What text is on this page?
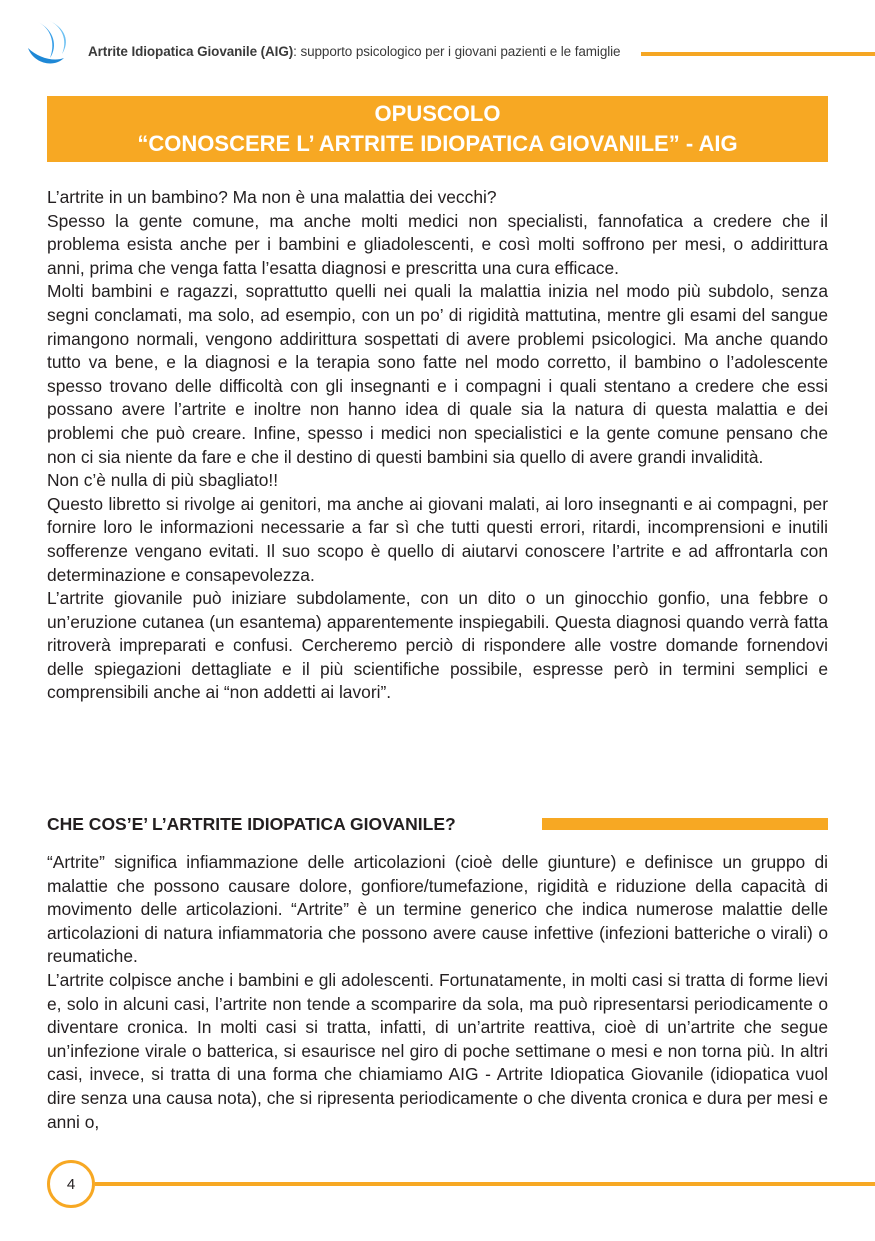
Artrite Idiopatica Giovanile (AIG): supporto psicologico per i giovani pazienti e le famiglie
OPUSCOLO
“CONOSCERE L’ ARTRITE IDIOPATICA GIOVANILE” - AIG

L’artrite in un bambino? Ma non è una malattia dei vecchi?

Spesso la gente comune, ma anche molti medici non specialisti, fannofatica a credere che il problema esista anche per i bambini e gliadolescenti, e così molti soffrono per mesi, o addirittura anni, prima che venga fatta l’esatta diagnosi e prescritta una cura efficace.

Molti bambini e ragazzi, soprattutto quelli nei quali la malattia inizia nel modo più subdolo, senza segni conclamati, ma solo, ad esempio, con un po’ di rigidità mattutina, mentre gli esami del sangue rimangono normali, vengono addirittura sospettati di avere problemi psicologici. Ma anche quando tutto va bene, e la diagnosi e la terapia sono fatte nel modo corretto, il bambino o l’adolescente spesso trovano delle difficoltà con gli insegnanti e i compagni i quali stentano a credere che essi possano avere l’artrite e inoltre non hanno idea di quale sia la natura di questa malattia e dei problemi che può creare. Infine, spesso i medici non specialistici e la gente comune pensano che non ci sia niente da fare e che il destino di questi bambini sia quello di avere grandi invalidità.

Non c’è nulla di più sbagliato!!

Questo libretto si rivolge ai genitori, ma anche ai giovani malati, ai loro insegnanti e ai compagni, per fornire loro le informazioni necessarie a far sì che tutti questi errori, ritardi, incomprensioni e inutili sofferenze vengano evitati. Il suo scopo è quello di aiutarvi conoscere l’artrite e ad affrontarla con determinazione e consapevolezza.

L’artrite giovanile può iniziare subdolamente, con un dito o un ginocchio gonfio, una febbre o un’eruzione cutanea (un esantema) apparentemente inspiegabili. Questa diagnosi quando verrà fatta ritroverà impreparati e confusi. Cercheremo perciò di rispondere alle vostre domande fornendovi delle spiegazioni dettagliate e il più scientifiche possibile, espresse però in termini semplici e comprensibili anche ai “non addetti ai lavori”.

CHE COS’E’ L’ARTRITE IDIOPATICA GIOVANILE?

“Artrite” significa infiammazione delle articolazioni (cioè delle giunture) e definisce un gruppo di malattie che possono causare dolore, gonfiore/tumefazione, rigidità e riduzione della capacità di movimento delle articolazioni. “Artrite” è un termine generico che indica numerose malattie delle articolazioni di natura infiammatoria che possono avere cause infettive (infezioni batteriche o virali) o reumatiche.

L’artrite colpisce anche i bambini e gli adolescenti. Fortunatamente, in molti casi si tratta di forme lievi e, solo in alcuni casi, l’artrite non tende a scomparire da sola, ma può ripresentarsi periodicamente o diventare cronica. In molti casi si tratta, infatti, di un’artrite reattiva, cioè di un’artrite che segue un’infezione virale o batterica, si esaurisce nel giro di poche settimane o mesi e non torna più. In altri casi, invece, si tratta di una forma che chiamiamo AIG - Artrite Idiopatica Giovanile (idiopatica vuol dire senza una causa nota), che si ripresenta periodicamente o che diventa cronica e dura per mesi e anni o,

4
